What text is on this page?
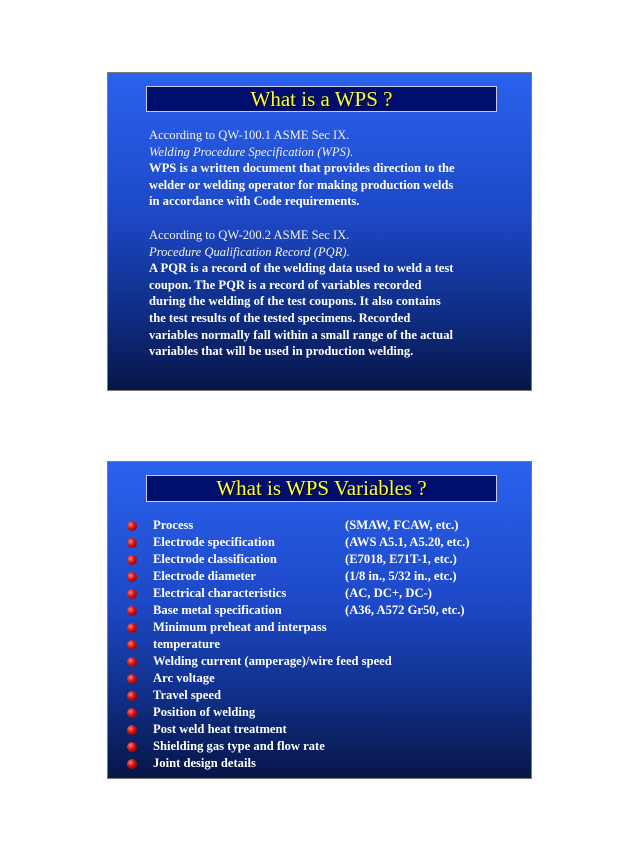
What is a WPS ?
According to QW-100.1 ASME Sec IX.
Welding Procedure Specification (WPS).
WPS is a written document that provides direction to the
welder or welding operator for making production welds
in accordance with Code requirements.
According to QW-200.2 ASME Sec IX.
Procedure Qualification Record (PQR).
A PQR is a record of the welding data used to weld a test
coupon. The PQR is a record of variables recorded
during the welding of the test coupons. It also contains
the test results of the tested specimens. Recorded
variables normally fall within a small range of the actual
variables that will be used in production welding.
What is WPS Variables ?
Process	(SMAW, FCAW, etc.)
Electrode specification	(AWS A5.1, A5.20, etc.)
Electrode classification	(E7018, E71T-1, etc.)
Electrode diameter	(1/8 in., 5/32 in., etc.)
Electrical characteristics	(AC, DC+, DC-)
Base metal specification	(A36, A572 Gr50, etc.)
Minimum preheat and interpass
temperature
Welding current (amperage)/wire feed speed
Arc voltage
Travel speed
Position of welding
Post weld heat treatment
Shielding gas type and flow rate
Joint design details
